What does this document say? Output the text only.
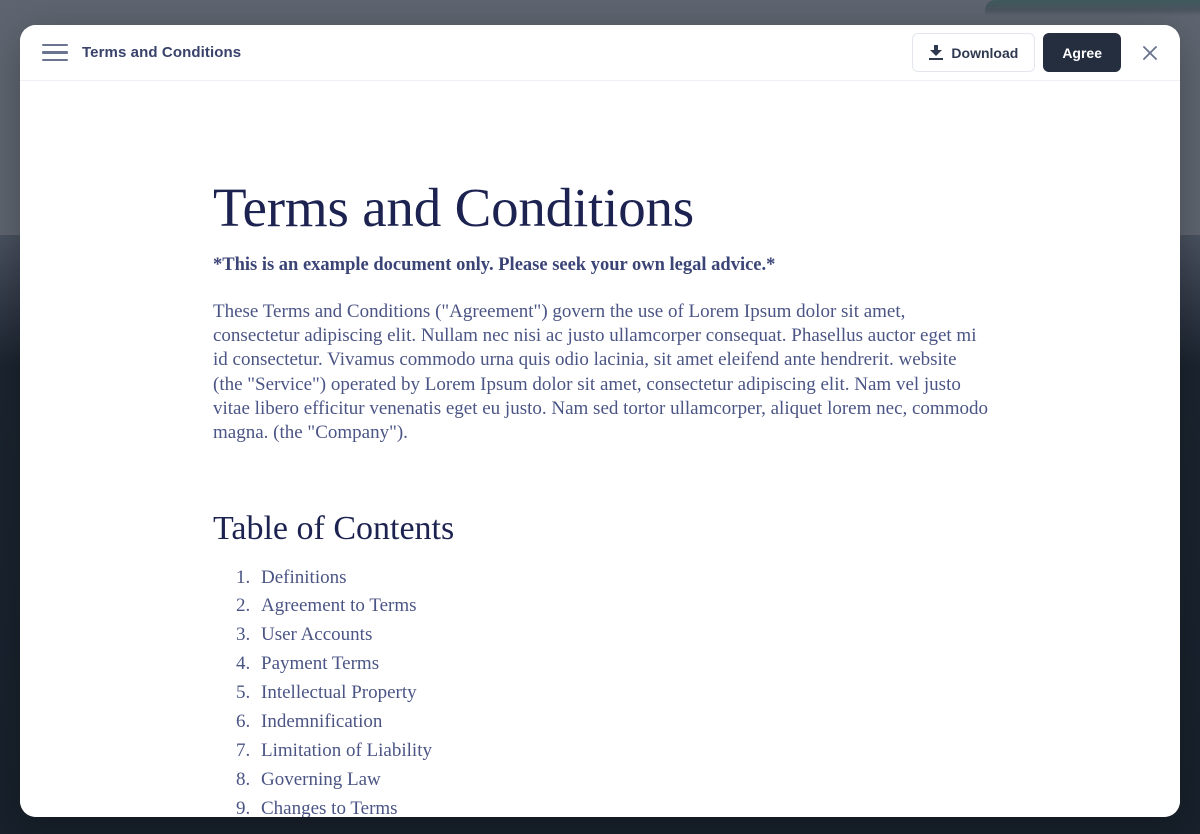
Terms and Conditions	Download	Agree
Terms and Conditions

*This is an example document only. Please seek your own legal advice.*

These Terms and Conditions ("Agreement") govern the use of Lorem Ipsum dolor sit amet, consectetur adipiscing elit. Nullam nec nisi ac justo ullamcorper consequat. Phasellus auctor eget mi id consectetur. Vivamus commodo urna quis odio lacinia, sit amet eleifend ante hendrerit. website (the "Service") operated by Lorem Ipsum dolor sit amet, consectetur adipiscing elit. Nam vel justo vitae libero efficitur venenatis eget eu justo. Nam sed tortor ullamcorper, aliquet lorem nec, commodo magna. (the "Company").

Table of Contents
1. Definitions
2. Agreement to Terms
3. User Accounts
4. Payment Terms
5. Intellectual Property
6. Indemnification
7. Limitation of Liability
8. Governing Law
9. Changes to Terms
